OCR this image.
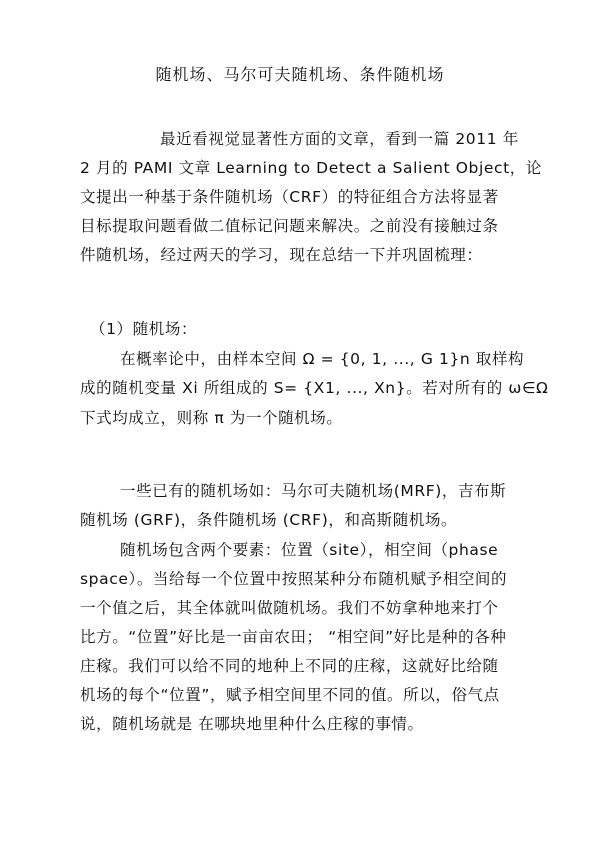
随机场、马尔可夫随机场、条件随机场
最近看视觉显著性方面的文章，看到一篇 2011 年
2 月的 PAMI 文章 Learning to Detect a Salient Object，论
文提出一种基于条件随机场（CRF）的特征组合方法将显著
目标提取问题看做二值标记问题来解决。之前没有接触过条
件随机场，经过两天的学习，现在总结一下并巩固梳理：
（1）随机场：
在概率论中，由样本空间 Ω = {0, 1, ..., G 1}n 取样构
成的随机变量 Xi 所组成的 S= {X1, ..., Xn}。若对所有的 ω∈Ω
下式均成立，则称 π 为一个随机场。
一些已有的随机场如：马尔可夫随机场(MRF)，吉布斯
随机场 (GRF)，条件随机场 (CRF)，和高斯随机场。
随机场包含两个要素：位置（site），相空间（phase
space）。当给每一个位置中按照某种分布随机赋予相空间的
一个值之后，其全体就叫做随机场。我们不妨拿种地来打个
比方。“位置”好比是一亩亩农田； “相空间”好比是种的各种
庄稼。我们可以给不同的地种上不同的庄稼，这就好比给随
机场的每个“位置”，赋予相空间里不同的值。所以，俗气点
说，随机场就是 在哪块地里种什么庄稼的事情。
